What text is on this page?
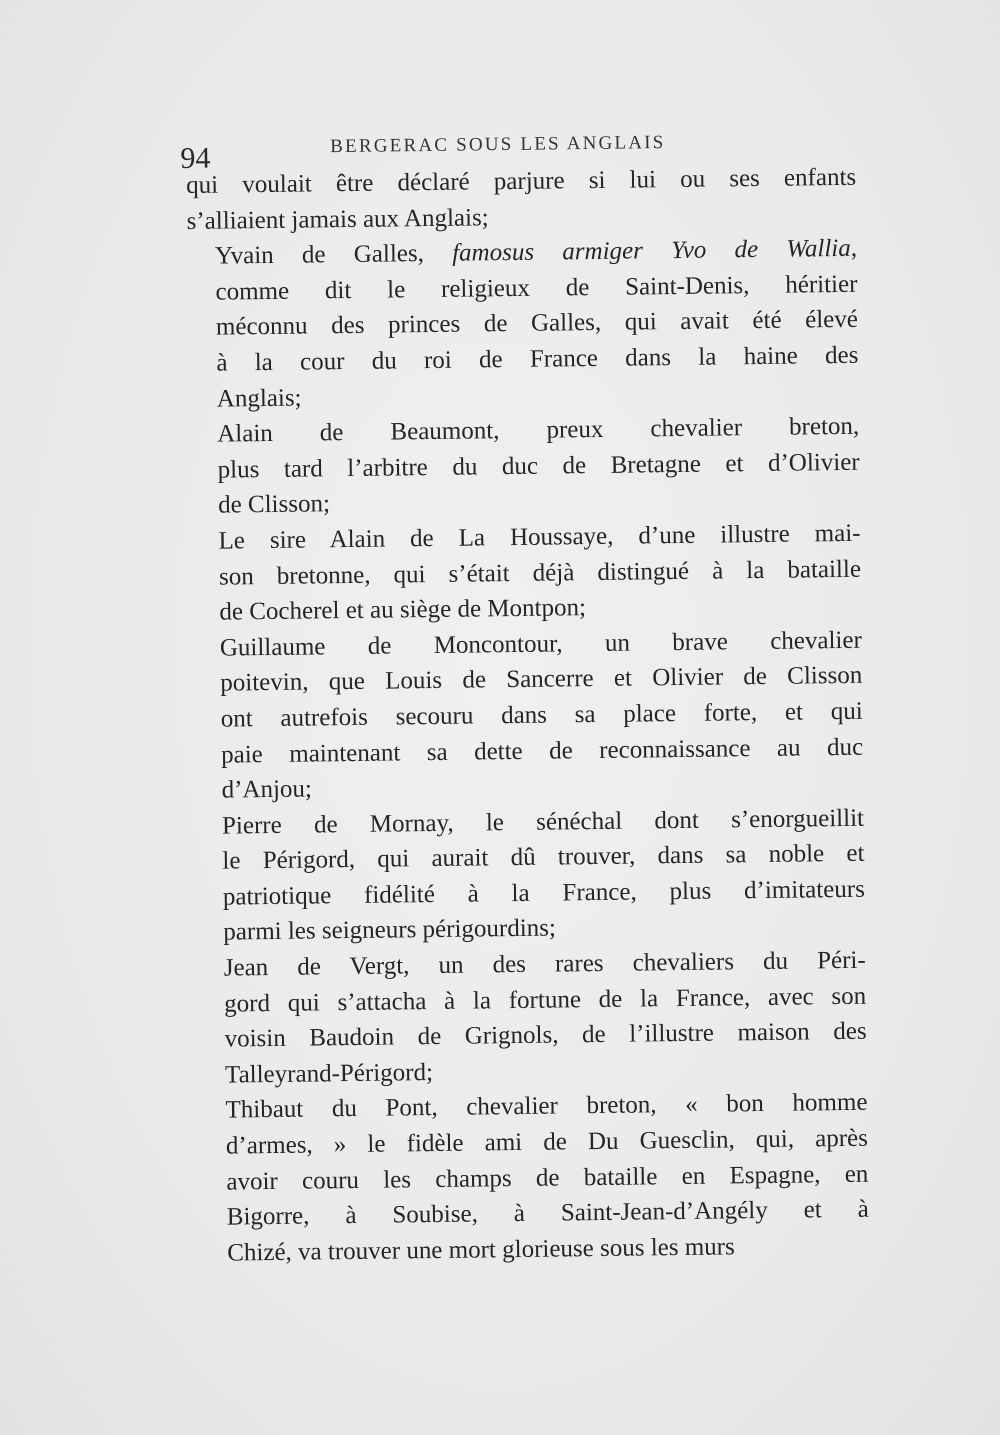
94	BERGERAC SOUS LES ANGLAIS

qui voulait être déclaré parjure si lui ou ses enfants
s’alliaient jamais aux Anglais;

Yvain de Galles, famosus armiger Yvo de Wallia,
comme dit le religieux de Saint-Denis, héritier
méconnu des princes de Galles, qui avait été élevé
à la cour du roi de France dans la haine des
Anglais;

Alain de Beaumont, preux chevalier breton,
plus tard l’arbitre du duc de Bretagne et d’Olivier
de Clisson;

Le sire Alain de La Houssaye, d’une illustre mai-
son bretonne, qui s’était déjà distingué à la bataille
de Cocherel et au siège de Montpon;

Guillaume de Moncontour, un brave chevalier
poitevin, que Louis de Sancerre et Olivier de Clisson
ont autrefois secouru dans sa place forte, et qui
paie maintenant sa dette de reconnaissance au duc
d’Anjou;

Pierre de Mornay, le sénéchal dont s’enorgueillit
le Périgord, qui aurait dû trouver, dans sa noble et
patriotique fidélité à la France, plus d’imitateurs
parmi les seigneurs périgourdins;

Jean de Vergt, un des rares chevaliers du Péri-
gord qui s’attacha à la fortune de la France, avec son
voisin Baudoin de Grignols, de l’illustre maison des
Talleyrand-Périgord;

Thibaut du Pont, chevalier breton, « bon homme
d’armes, » le fidèle ami de Du Guesclin, qui, après
avoir couru les champs de bataille en Espagne, en
Bigorre, à Soubise, à Saint-Jean-d’Angély et à
Chizé, va trouver une mort glorieuse sous les murs
